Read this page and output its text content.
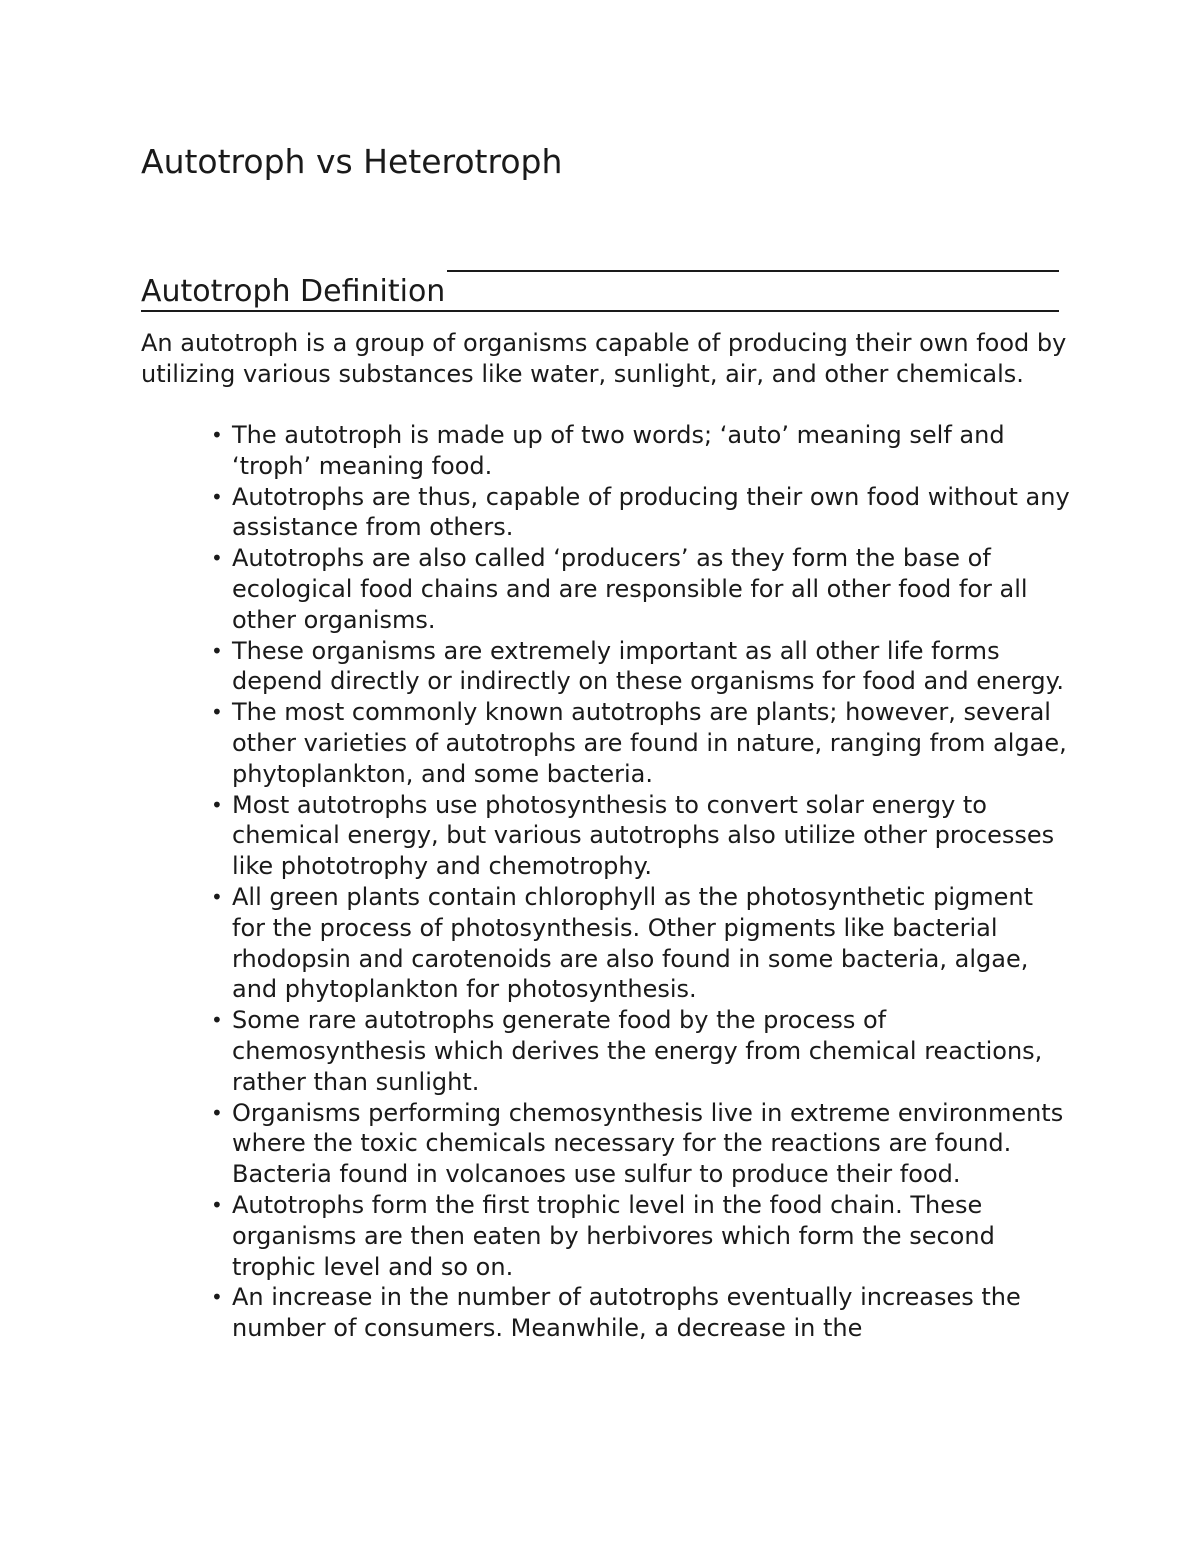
Autotroph vs Heterotroph
Autotroph Definition

An autotroph is a group of organisms capable of producing their own food by utilizing various substances like water, sunlight, air, and other chemicals.

• The autotroph is made up of two words; ‘auto’ meaning self and ‘troph’ meaning food.
• Autotrophs are thus, capable of producing their own food without any assistance from others.
• Autotrophs are also called ‘producers’ as they form the base of ecological food chains and are responsible for all other food for all other organisms.
• These organisms are extremely important as all other life forms depend directly or indirectly on these organisms for food and energy.
• The most commonly known autotrophs are plants; however, several other varieties of autotrophs are found in nature, ranging from algae, phytoplankton, and some bacteria.
• Most autotrophs use photosynthesis to convert solar energy to chemical energy, but various autotrophs also utilize other processes like phototrophy and chemotrophy.
• All green plants contain chlorophyll as the photosynthetic pigment for the process of photosynthesis. Other pigments like bacterial rhodopsin and carotenoids are also found in some bacteria, algae, and phytoplankton for photosynthesis.
• Some rare autotrophs generate food by the process of chemosynthesis which derives the energy from chemical reactions, rather than sunlight.
• Organisms performing chemosynthesis live in extreme environments where the toxic chemicals necessary for the reactions are found. Bacteria found in volcanoes use sulfur to produce their food.
• Autotrophs form the first trophic level in the food chain. These organisms are then eaten by herbivores which form the second trophic level and so on.
• An increase in the number of autotrophs eventually increases the number of consumers. Meanwhile, a decrease in the
